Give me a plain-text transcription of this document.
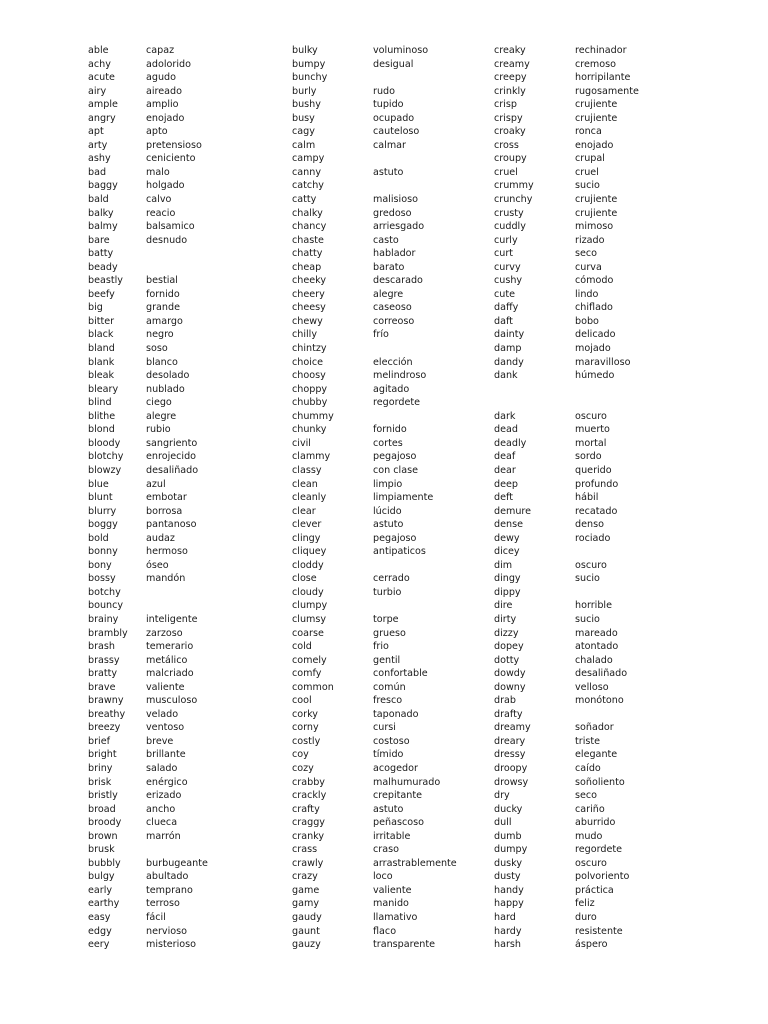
able	capaz
achy	adolorido
acute	agudo
airy	aireado
ample	amplio
angry	enojado
apt	apto
arty	pretensioso
ashy	ceniciento
bad	malo
baggy	holgado
bald	calvo
balky	reacio
balmy	balsamico
bare	desnudo
batty
beady
beastly bestial
beefy	fornido
big	grande
bitter	amargo
black	negro
bland	soso
blank	blanco
bleak	desolado
bleary	nublado
blind	ciego
blithe	alegre
blond	rubio
bloody	sangriento
blotchy enrojecido
blowzy	desaliñado
blue	azul
blunt	embotar
blurry	borrosa
boggy	pantanoso
bold	audaz
bonny	hermoso
bony	óseo
bossy	mandón
botchy
bouncy
brainy	inteligente
brambly zarzoso
brash	temerario
brassy	metálico
bratty	malcriado
brave	valiente
brawny musculoso
breathy velado
breezy	ventoso
brief	breve
bright	brillante
briny	salado
brisk	enérgico
bristly	erizado
broad	ancho
broody	clueca
brown	marrón
brusk
bubbly	burbugeante
bulgy	abultado
early	temprano
earthy	terroso
easy	fácil
edgy	nervioso
eery	misterioso
bulky	voluminoso
bumpy	desigual
bunchy
burly	rudo
bushy	tupido
busy	ocupado
cagy	cauteloso
calm	calmar
campy
canny	astuto
catchy
catty	malisioso
chalky	gredoso
chancy	arriesgado
chaste	casto
chatty	hablador
cheap	barato
cheeky	descarado
cheery	alegre
cheesy	caseoso
chewy	correoso
chilly	frío
chintzy
choice	elección
choosy	melindroso
choppy	agitado
chubby	regordete
chummy
chunky	fornido
civil	cortes
clammy	pegajoso
classy	con clase
clean	limpio
cleanly	limpiamente
clear	lúcido
clever	astuto
clingy	pegajoso
cliquey	antipaticos
cloddy
close	cerrado
cloudy	turbio
clumpy
clumsy	torpe
coarse	grueso
cold	frio
comely	gentil
comfy	confortable
common	común
cool	fresco
corky	taponado
corny	cursi
costly	costoso
coy	tímido
cozy	acogedor
crabby	malhumurado
crackly	crepitante
crafty	astuto
craggy	peñascoso
cranky	irritable
crass	craso
crawly	arrastrablemente
crazy	loco
game	valiente
gamy	manido
gaudy	llamativo
gaunt	flaco
gauzy	transparente
creaky	rechinador
creamy	cremoso
creepy	horripilante
crinkly	rugosamente
crisp	crujiente
crispy	crujiente
croaky	ronca
cross	enojado
croupy	crupal
cruel	cruel
crummy	sucio
crunchy	crujiente
crusty	crujiente
cuddly	mimoso
curly	rizado
curt	seco
curvy	curva
cushy	cómodo
cute	lindo
daffy	chiflado
daft	bobo
dainty	delicado
damp	mojado
dandy	maravilloso
dank	húmedo
dark	oscuro
dead	muerto
deadly	mortal
deaf	sordo
dear	querido
deep	profundo
deft	hábil
demure	recatado
dense	denso
dewy	rociado
dicey
dim	oscuro
dingy	sucio
dippy
dire	horrible
dirty	sucio
dizzy	mareado
dopey	atontado
dotty	chalado
dowdy	desaliñado
downy	velloso
drab	monótono
drafty
dreamy	soñador
dreary	triste
dressy	elegante
droopy	caído
drowsy	soñoliento
dry	seco
ducky	cariño
dull	aburrido
dumb	mudo
dumpy	regordete
dusky	oscuro
dusty	polvoriento
handy	práctica
happy	feliz
hard	duro
hardy	resistente
harsh	áspero
